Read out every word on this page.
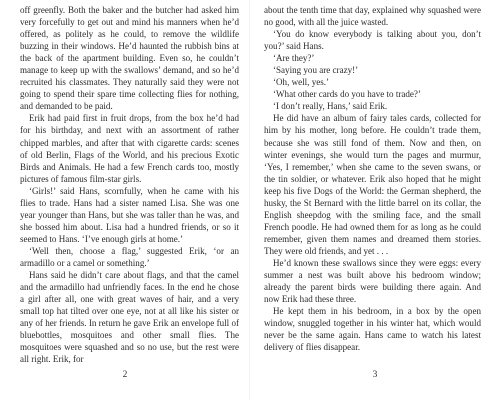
off greenfly. Both the baker and the butcher had asked him very forcefully to get out and mind his manners when he’d offered, as politely as he could, to remove the wildlife buzzing in their windows. He’d haunted the rubbish bins at the back of the apartment building. Even so, he couldn’t manage to keep up with the swallows’ demand, and so he’d recruited his classmates. They naturally said they were not going to spend their spare time collecting flies for nothing, and demanded to be paid.

Erik had paid first in fruit drops, from the box he’d had for his birthday, and next with an assortment of rather chipped marbles, and after that with cigarette cards: scenes of old Berlin, Flags of the World, and his precious Exotic Birds and Animals. He had a few French cards too, mostly pictures of famous film-star girls.

‘Girls!’ said Hans, scornfully, when he came with his flies to trade. Hans had a sister named Lisa. She was one year younger than Hans, but she was taller than he was, and she bossed him about. Lisa had a hundred friends, or so it seemed to Hans. ‘I’ve enough girls at home.’

‘Well then, choose a flag,’ suggested Erik, ‘or an armadillo or a camel or something.’

Hans said he didn’t care about flags, and that the camel and the armadillo had unfriendly faces. In the end he chose a girl after all, one with great waves of hair, and a very small top hat tilted over one eye, not at all like his sister or any of her friends. In return he gave Erik an envelope full of bluebottles, mosquitoes and other small flies. The mosquitoes were squashed and so no use, but the rest were all right. Erik, for

about the tenth time that day, explained why squashed were no good, with all the juice wasted.

‘You do know everybody is talking about you, don’t you?’ said Hans.

‘Are they?’

‘Saying you are crazy!’

‘Oh, well, yes.’

‘What other cards do you have to trade?’

‘I don’t really, Hans,’ said Erik.

He did have an album of fairy tales cards, collected for him by his mother, long before. He couldn’t trade them, because she was still fond of them. Now and then, on winter evenings, she would turn the pages and murmur, ‘Yes, I remember,’ when she came to the seven swans, or the tin soldier, or whatever. Erik also hoped that he might keep his five Dogs of the World: the German shepherd, the husky, the St Bernard with the little barrel on its collar, the English sheepdog with the smiling face, and the small French poodle. He had owned them for as long as he could remember, given them names and dreamed them stories. They were old friends, and yet . . .

He’d known these swallows since they were eggs: every summer a nest was built above his bedroom window; already the parent birds were building there again. And now Erik had these three.

He kept them in his bedroom, in a box by the open window, snuggled together in his winter hat, which would never be the same again. Hans came to watch his latest delivery of flies disappear.

2	3
